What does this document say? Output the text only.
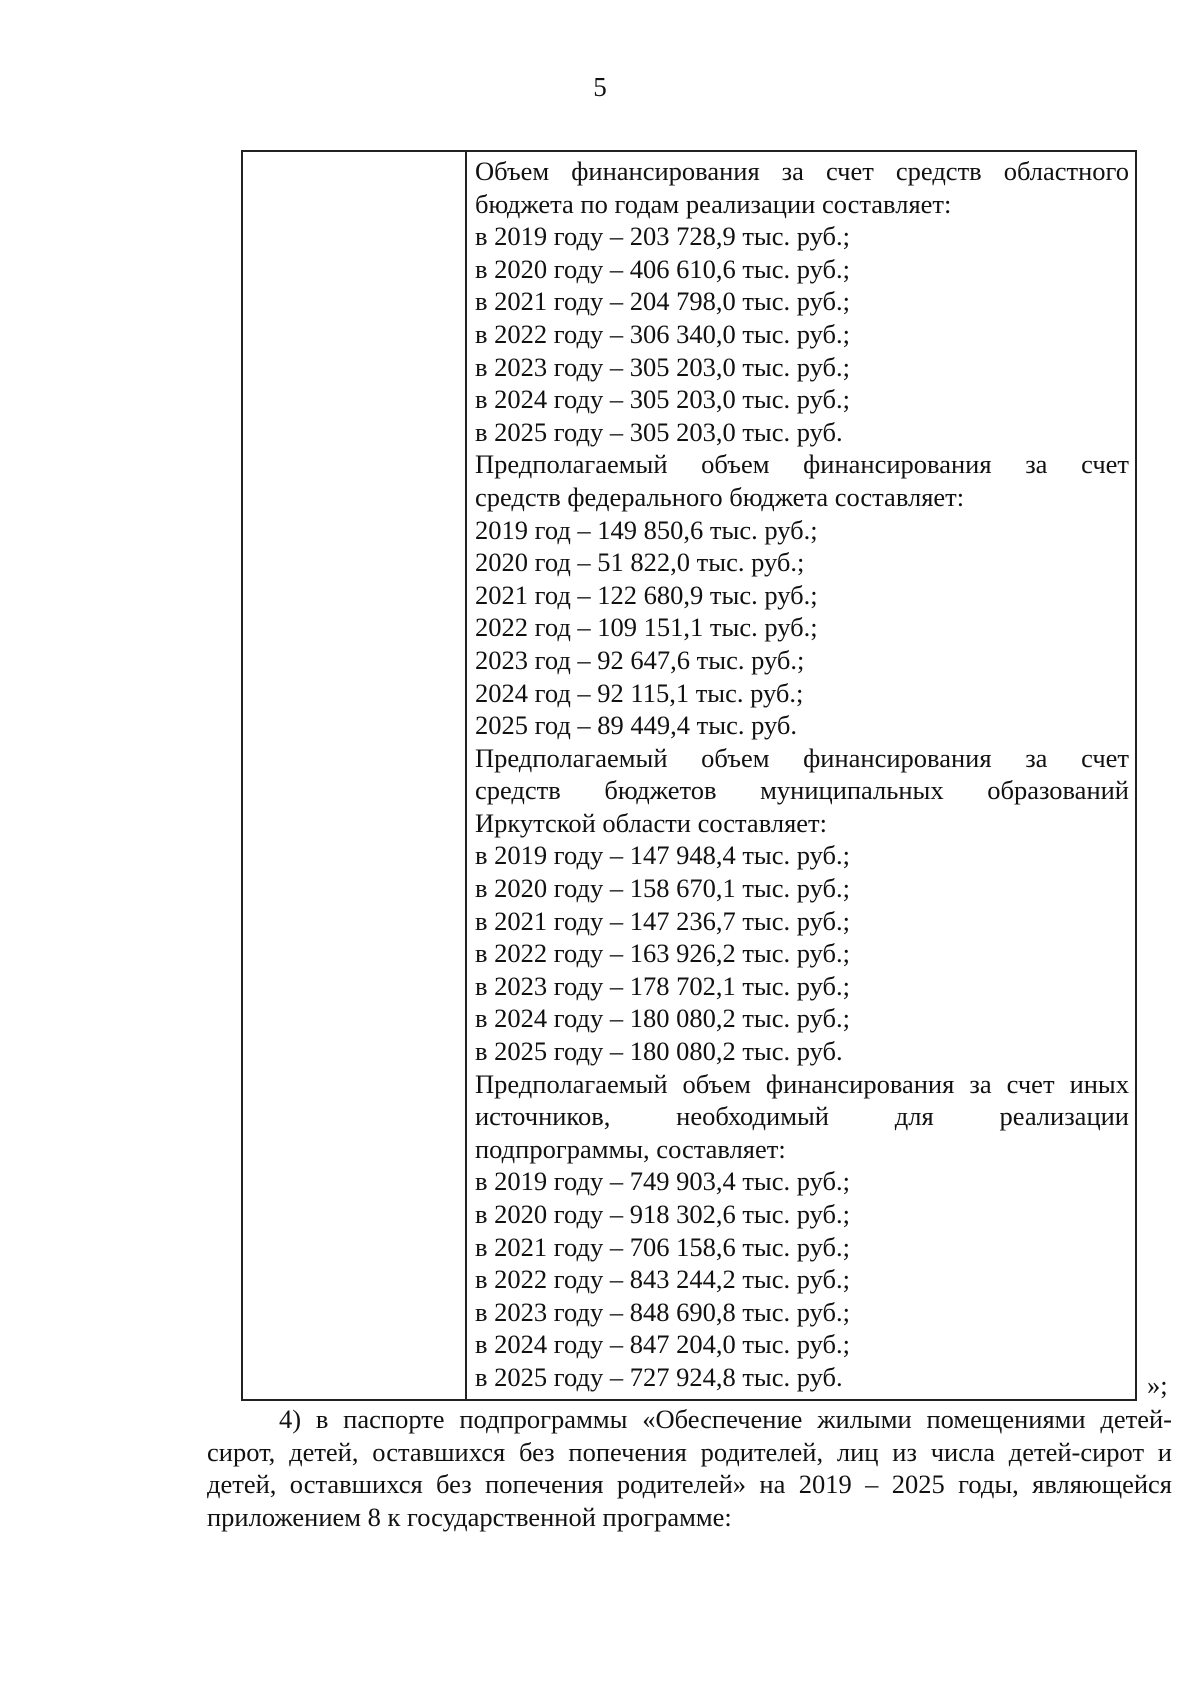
5
Объем финансирования за счет средств областного
бюджета по годам реализации составляет:
в 2019 году – 203 728,9 тыс. руб.;
в 2020 году – 406 610,6 тыс. руб.;
в 2021 году – 204 798,0 тыс. руб.;
в 2022 году – 306 340,0 тыс. руб.;
в 2023 году – 305 203,0 тыс. руб.;
в 2024 году – 305 203,0 тыс. руб.;
в 2025 году – 305 203,0 тыс. руб.
Предполагаемый объем финансирования за счет
средств федерального бюджета составляет:
2019 год – 149 850,6 тыс. руб.;
2020 год – 51 822,0 тыс. руб.;
2021 год – 122 680,9 тыс. руб.;
2022 год – 109 151,1 тыс. руб.;
2023 год – 92 647,6 тыс. руб.;
2024 год – 92 115,1 тыс. руб.;
2025 год – 89 449,4 тыс. руб.
Предполагаемый объем финансирования за счет
средств бюджетов муниципальных образований
Иркутской области составляет:
в 2019 году – 147 948,4 тыс. руб.;
в 2020 году – 158 670,1 тыс. руб.;
в 2021 году – 147 236,7 тыс. руб.;
в 2022 году – 163 926,2 тыс. руб.;
в 2023 году – 178 702,1 тыс. руб.;
в 2024 году – 180 080,2 тыс. руб.;
в 2025 году – 180 080,2 тыс. руб.
Предполагаемый объем финансирования за счет иных
источников, необходимый для реализации
подпрограммы, составляет:
в 2019 году – 749 903,4 тыс. руб.;
в 2020 году – 918 302,6 тыс. руб.;
в 2021 году – 706 158,6 тыс. руб.;
в 2022 году – 843 244,2 тыс. руб.;
в 2023 году – 848 690,8 тыс. руб.;
в 2024 году – 847 204,0 тыс. руб.;
в 2025 году – 727 924,8 тыс. руб.	»;
4) в паспорте подпрограммы «Обеспечение жилыми помещениями детей-сирот, детей, оставшихся без попечения родителей, лиц из числа детей-сирот и детей, оставшихся без попечения родителей» на 2019 – 2025 годы, являющейся приложением 8 к государственной программе:
